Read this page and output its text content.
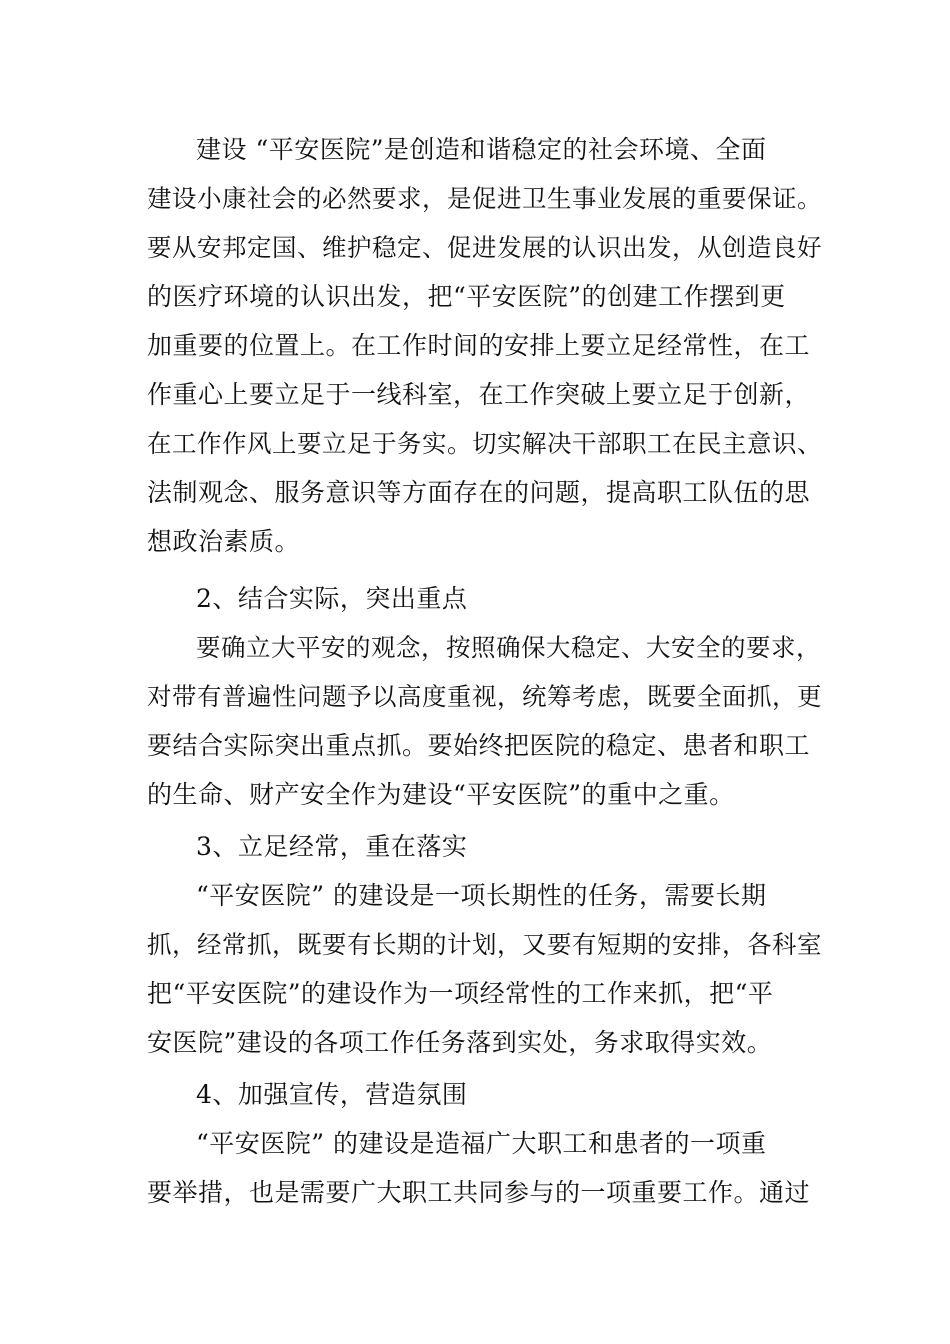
建设 “平安医院”是创造和谐稳定的社会环境、全面
建设小康社会的必然要求，是促进卫生事业发展的重要保证。
要从安邦定国、维护稳定、促进发展的认识出发，从创造良好
的医疗环境的认识出发，把“平安医院”的创建工作摆到更
加重要的位置上。在工作时间的安排上要立足经常性，在工
作重心上要立足于一线科室，在工作突破上要立足于创新，
在工作作风上要立足于务实。切实解决干部职工在民主意识、
法制观念、服务意识等方面存在的问题，提高职工队伍的思
想政治素质。
2、结合实际，突出重点
要确立大平安的观念，按照确保大稳定、大安全的要求，
对带有普遍性问题予以高度重视，统筹考虑，既要全面抓，更
要结合实际突出重点抓。要始终把医院的稳定、患者和职工
的生命、财产安全作为建设“平安医院”的重中之重。
3、立足经常，重在落实
“平安医院” 的建设是一项长期性的任务，需要长期
抓，经常抓，既要有长期的计划，又要有短期的安排，各科室
把“平安医院”的建设作为一项经常性的工作来抓，把“平
安医院”建设的各项工作任务落到实处，务求取得实效。
4、加强宣传，营造氛围
“平安医院” 的建设是造福广大职工和患者的一项重
要举措，也是需要广大职工共同参与的一项重要工作。通过
